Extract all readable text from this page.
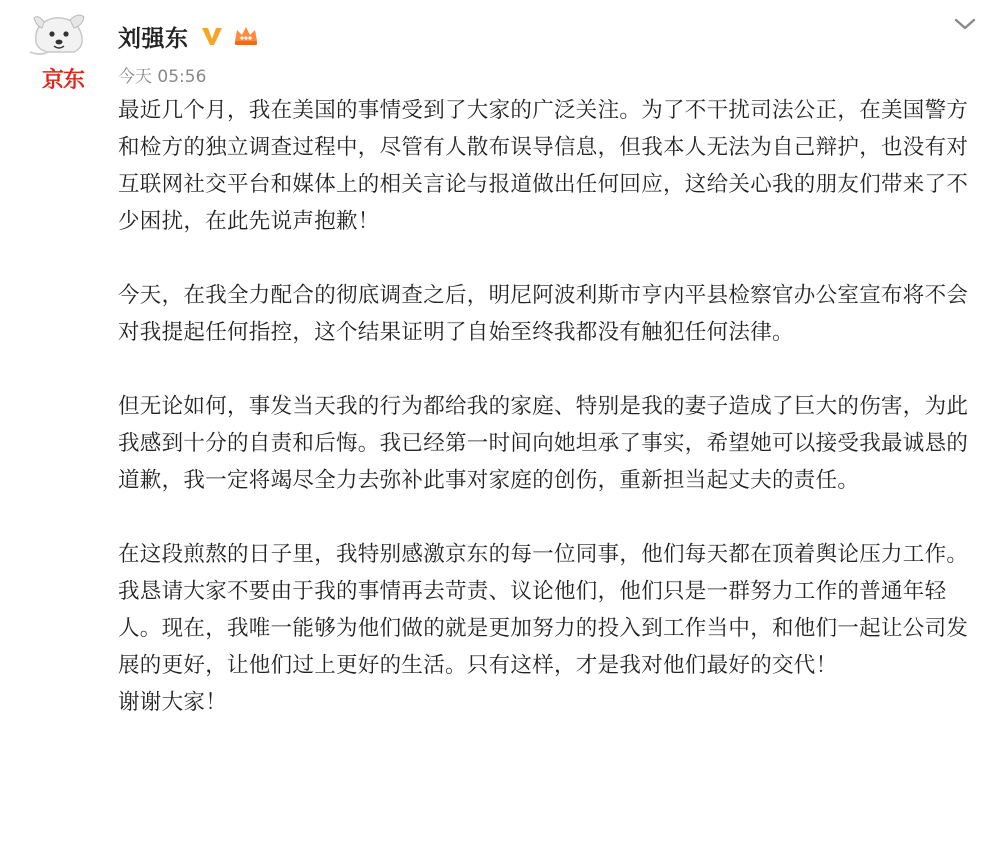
京东
刘强东
今天 05:56

最近几个月，我在美国的事情受到了大家的广泛关注。为了不干扰司法公正，在美国警方和检方的独立调查过程中，尽管有人散布误导信息，但我本人无法为自己辩护，也没有对互联网社交平台和媒体上的相关言论与报道做出任何回应，这给关心我的朋友们带来了不少困扰，在此先说声抱歉！

今天，在我全力配合的彻底调查之后，明尼阿波利斯市亨内平县检察官办公室宣布将不会对我提起任何指控，这个结果证明了自始至终我都没有触犯任何法律。

但无论如何，事发当天我的行为都给我的家庭、特别是我的妻子造成了巨大的伤害，为此我感到十分的自责和后悔。我已经第一时间向她坦承了事实，希望她可以接受我最诚恳的道歉，我一定将竭尽全力去弥补此事对家庭的创伤，重新担当起丈夫的责任。

在这段煎熬的日子里，我特别感激京东的每一位同事，他们每天都在顶着舆论压力工作。我恳请大家不要由于我的事情再去苛责、议论他们，他们只是一群努力工作的普通年轻人。现在，我唯一能够为他们做的就是更加努力的投入到工作当中，和他们一起让公司发展的更好，让他们过上更好的生活。只有这样，才是我对他们最好的交代！

谢谢大家！
